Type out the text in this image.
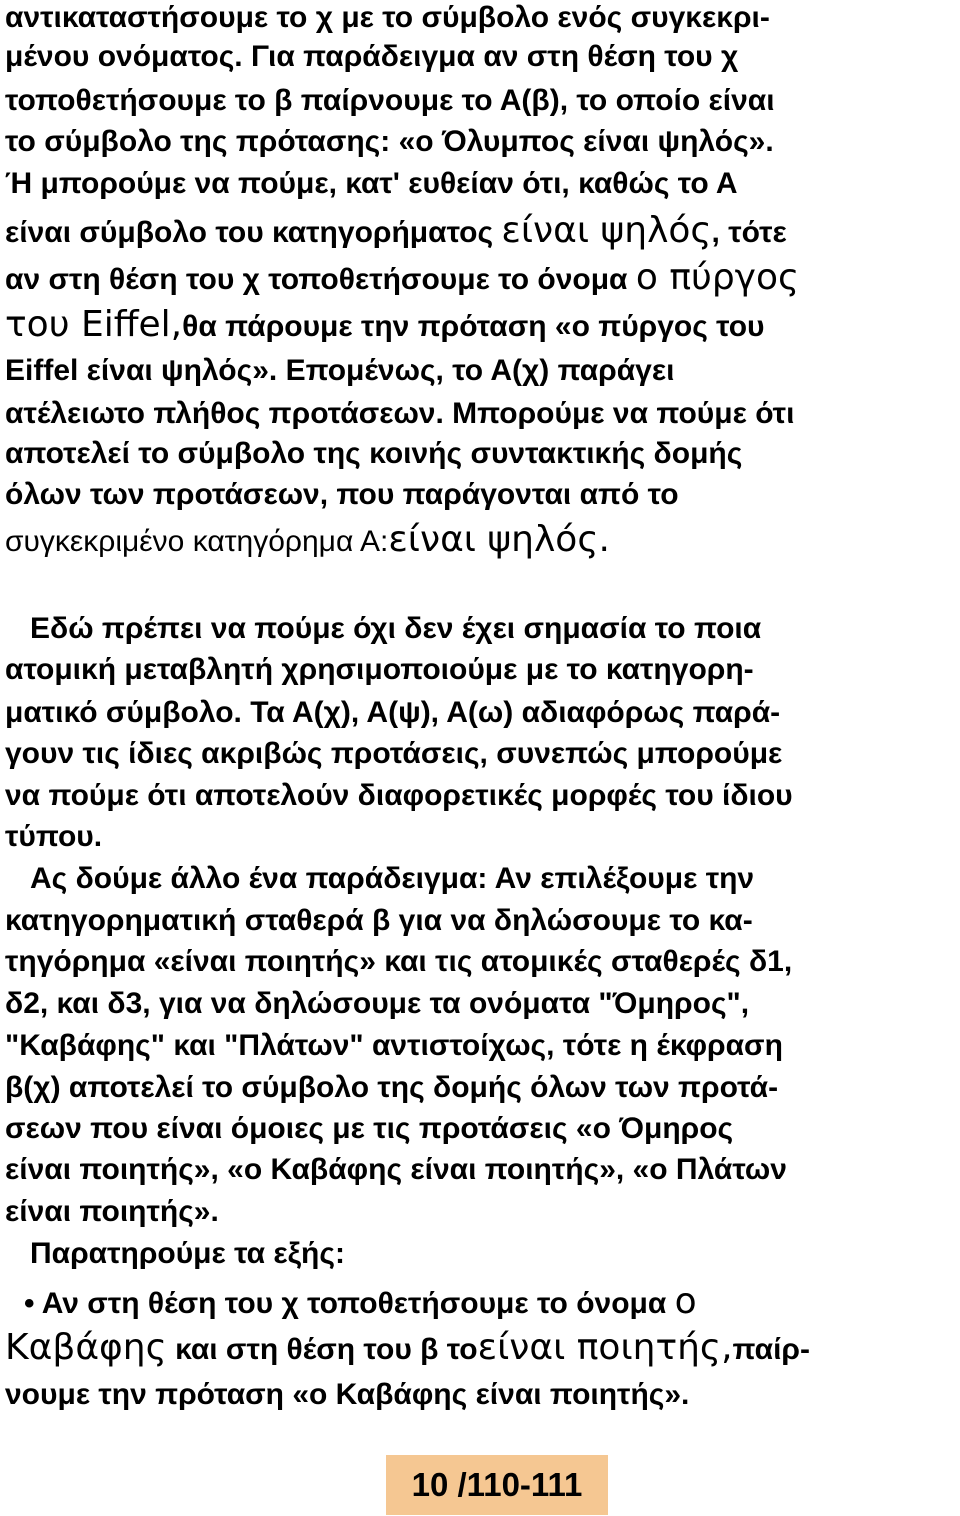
αντικαταστήσουμε το χ με το σύμβολο ενός συγκεκρι-
μένου ονόματος. Για παράδειγμα αν στη θέση του χ
τοποθετήσουμε το β παίρνουμε το Α(β), το οποίο είναι
το σύμβολο της πρότασης: «ο Όλυμπος είναι ψηλός».
Ή μπορούμε να πούμε, κατ' ευθείαν ότι, καθώς το Α
είναι σύμβολο του κατηγορήματος είναι ψηλός, τότε
αν στη θέση του χ τοποθετήσουμε το όνομα ο πύργος
του Eiffel,θα πάρουμε την πρόταση «ο πύργος του
Eiffel είναι ψηλός». Επομένως, το Α(χ) παράγει
ατέλειωτο πλήθος προτάσεων. Μπορούμε να πούμε ότι
αποτελεί το σύμβολο της κοινής συντακτικής δομής
όλων των προτάσεων, που παράγονται από το
συγκεκριμένο κατηγόρημα Α:είναι ψηλός.
Εδώ πρέπει να πούμε όχι δεν έχει σημασία το ποια
ατομική μεταβλητή χρησιμοποιούμε με το κατηγορη-
ματικό σύμβολο. Τα Α(χ), Α(ψ), Α(ω) αδιαφόρως παρά-
γουν τις ίδιες ακριβώς προτάσεις, συνεπώς μπορούμε
να πούμε ότι αποτελούν διαφορετικές μορφές του ίδιου
τύπου.
Ας δούμε άλλο ένα παράδειγμα: Αν επιλέξουμε την
κατηγορηματική σταθερά β για να δηλώσουμε το κα-
τηγόρημα «είναι ποιητής» και τις ατομικές σταθερές δ1,
δ2, και δ3, για να δηλώσουμε τα ονόματα "Όμηρος",
"Καβάφης" και "Πλάτων" αντιστοίχως, τότε η έκφραση
β(χ) αποτελεί το σύμβολο της δομής όλων των προτά-
σεων που είναι όμοιες με τις προτάσεις «ο Όμηρος
είναι ποιητής», «ο Καβάφης είναι ποιητής», «ο Πλάτων
είναι ποιητής».
Παρατηρούμε τα εξής:
• Αν στη θέση του χ τοποθετήσουμε το όνομα ο
Καβάφης και στη θέση του β τοείναι ποιητής,παίρ-
νουμε την πρόταση «ο Καβάφης είναι ποιητής».
10 /110-111
